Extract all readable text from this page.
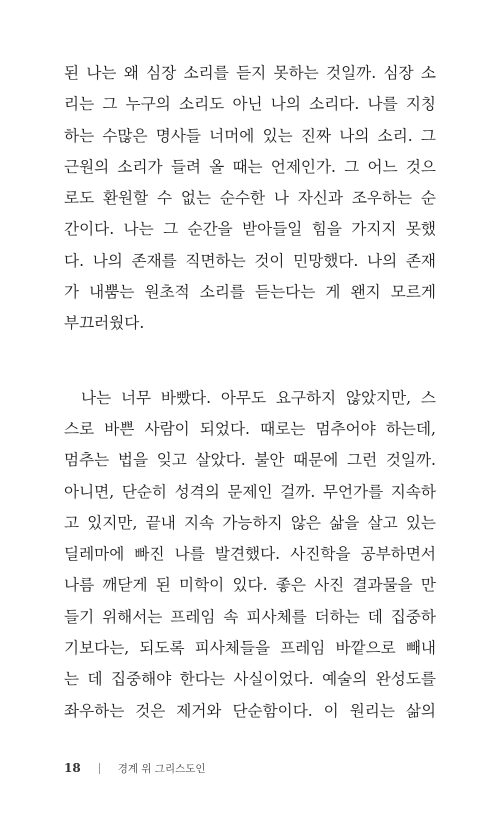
된 나는 왜 심장 소리를 듣지 못하는 것일까. 심장 소
리는 그 누구의 소리도 아닌 나의 소리다. 나를 지칭
하는 수많은 명사들 너머에 있는 진짜 나의 소리. 그
근원의 소리가 들려 올 때는 언제인가. 그 어느 것으
로도 환원할 수 없는 순수한 나 자신과 조우하는 순
간이다. 나는 그 순간을 받아들일 힘을 가지지 못했
다. 나의 존재를 직면하는 것이 민망했다. 나의 존재
가 내뿜는 원초적 소리를 듣는다는 게 왠지 모르게
부끄러웠다.

나는 너무 바빴다. 아무도 요구하지 않았지만, 스
스로 바쁜 사람이 되었다. 때로는 멈추어야 하는데,
멈추는 법을 잊고 살았다. 불안 때문에 그런 것일까.
아니면, 단순히 성격의 문제인 걸까. 무언가를 지속하
고 있지만, 끝내 지속 가능하지 않은 삶을 살고 있는
딜레마에 빠진 나를 발견했다. 사진학을 공부하면서
나름 깨닫게 된 미학이 있다. 좋은 사진 결과물을 만
들기 위해서는 프레임 속 피사체를 더하는 데 집중하
기보다는, 되도록 피사체들을 프레임 바깥으로 빼내
는 데 집중해야 한다는 사실이었다. 예술의 완성도를
좌우하는 것은 제거와 단순함이다. 이 원리는 삶의

18	경계 위 그리스도인
